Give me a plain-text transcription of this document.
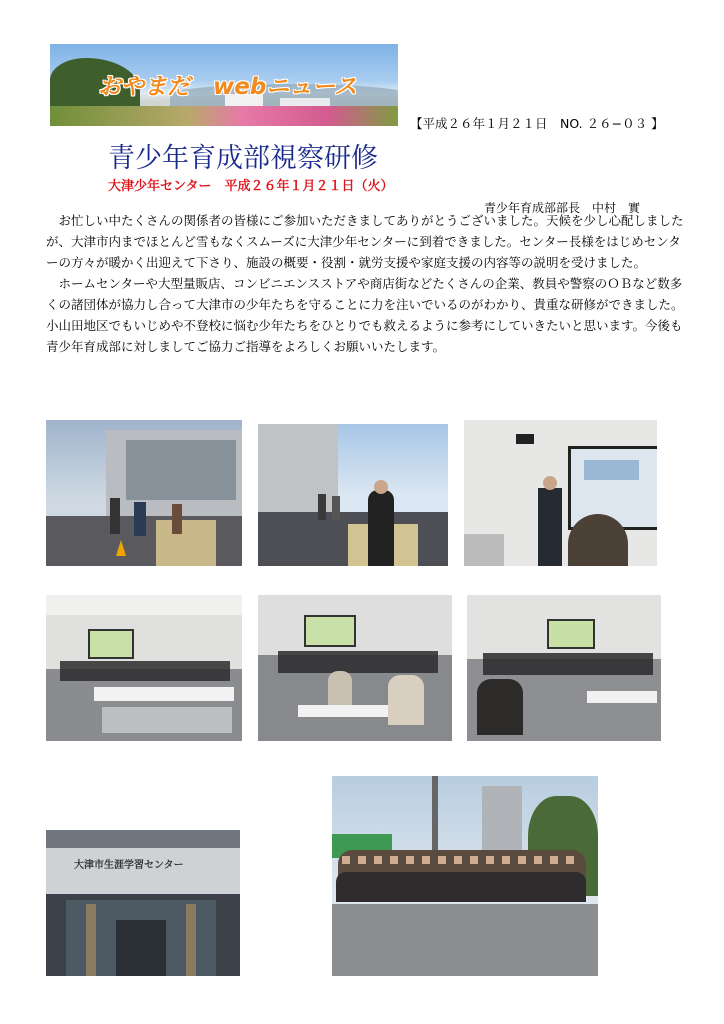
おやまだ　webニュース
【平成２６年１月２１日　NO. ２６−０３ 】
青少年育成部視察研修
大津少年センター　平成２６年１月２１日（火）
青少年育成部部長　中村　實

　お忙しい中たくさんの関係者の皆様にご参加いただきましてありがとうございました。天候を少し心配しましたが、大津市内までほとんど雪もなくスムーズに大津少年センターに到着できました。センター長様をはじめセンターの方々が暖かく出迎えて下さり、施設の概要・役割・就労支援や家庭支援の内容等の説明を受けました。

　ホームセンターや大型量販店、コンビニエンスストアや商店街などたくさんの企業、教員や警察のＯＢなど数多くの諸団体が協力し合って大津市の少年たちを守ることに力を注いでいるのがわかり、貴重な研修ができました。

小山田地区でもいじめや不登校に悩む少年たちをひとりでも救えるように参考にしていきたいと思います。今後も青少年育成部に対しましてご協力ご指導をよろしくお願いいたします。

大津市生涯学習センター
